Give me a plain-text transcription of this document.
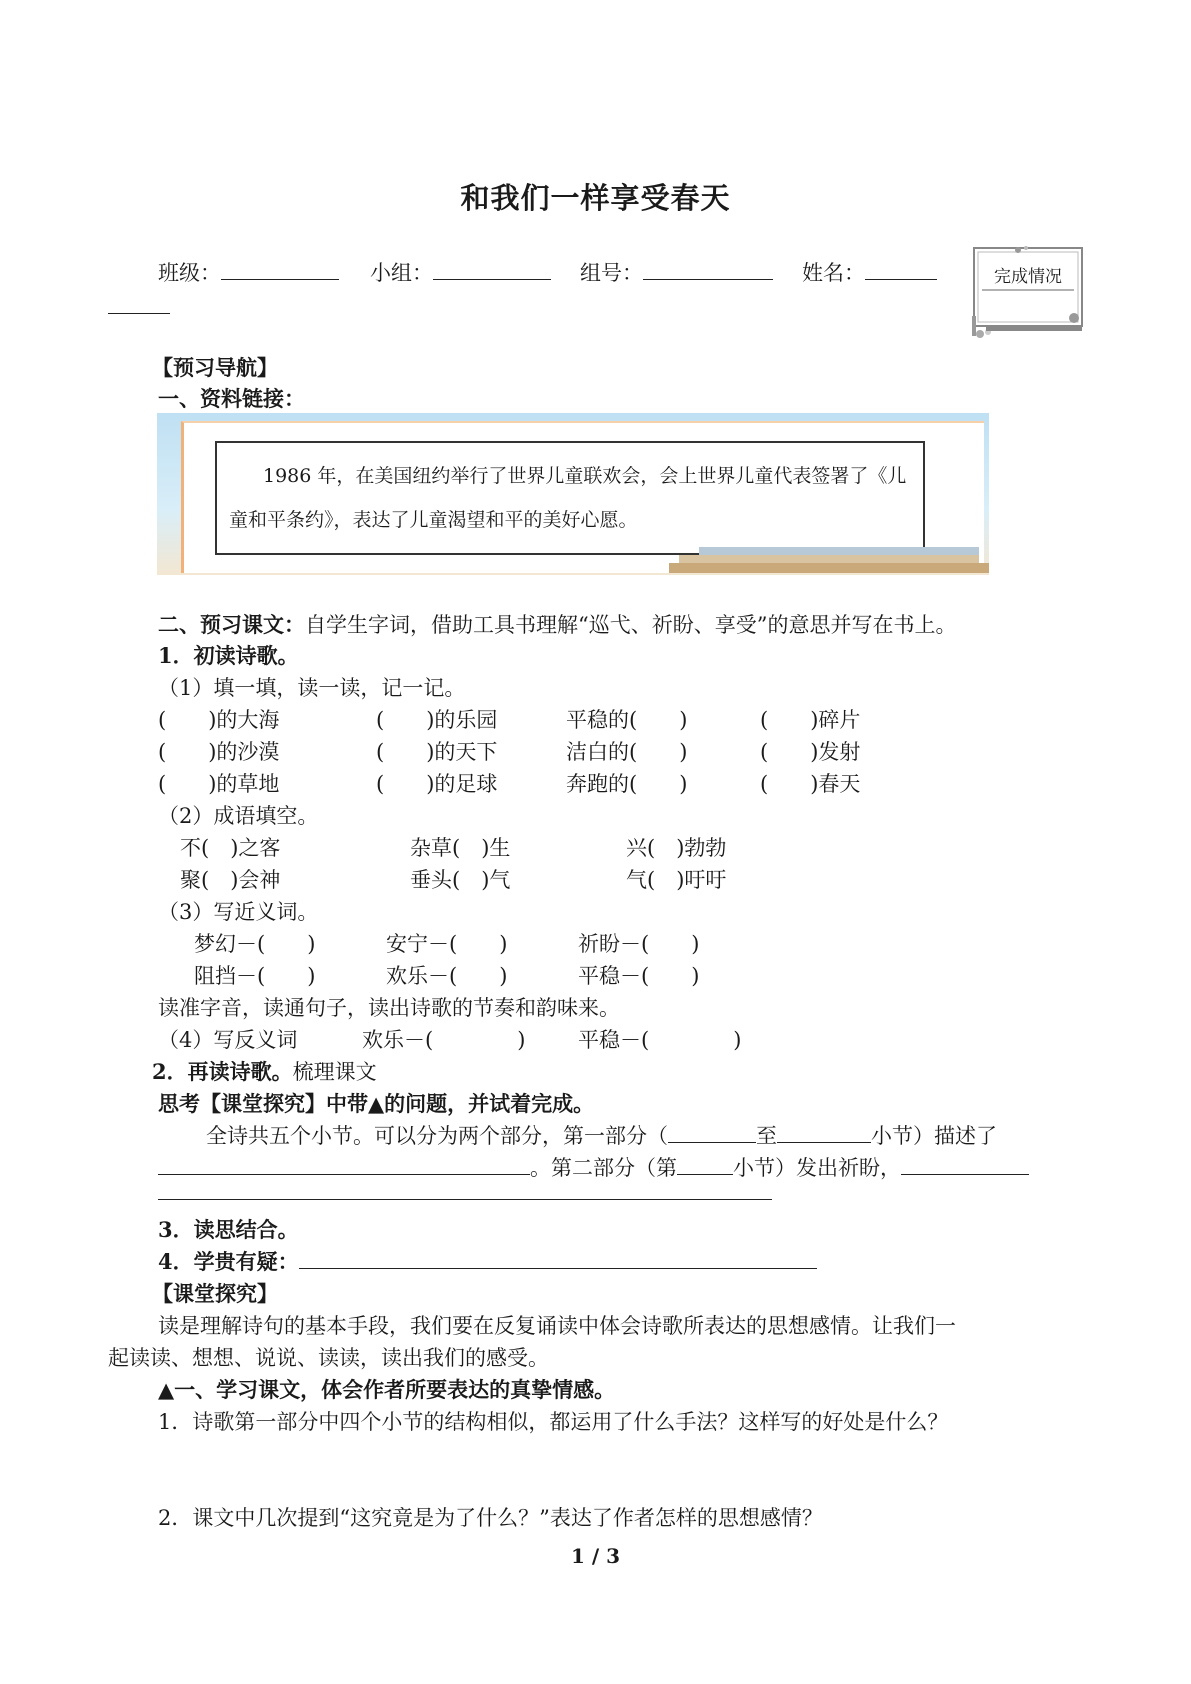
和我们一样享受春天
班级：	小组：	组号：	姓名：	完成情况
【预习导航】
一、资料链接：
1986 年，在美国纽约举行了世界儿童联欢会，会上世界儿童代表签署了《儿
童和平条约》，表达了儿童渴望和平的美好心愿。
二、预习课文：自学生字词，借助工具书理解“巡弋、祈盼、享受”的意思并写在书上。
1．初读诗歌。
（1）填一填，读一读，记一记。
(　　)的大海	(　　)的乐园	平稳的(　　)	(　　)碎片
(　　)的沙漠	(　　)的天下	洁白的(　　)	(　　)发射
(　　)的草地	(　　)的足球	奔跑的(　　)	(　　)春天
（2）成语填空。
不(　)之客	杂草(　)生	兴(　)勃勃
聚(　)会神	垂头(　)气	气(　)吁吁
（3）写近义词。
梦幻－(　　)	安宁－(　　)	祈盼－(　　)
阻挡－(　　)	欢乐－(　　)	平稳－(　　)
读准字音，读通句子，读出诗歌的节奏和韵味来。
（4）写反义词	欢乐－(　　　　)	平稳－(　　　　)
2．再读诗歌。梳理课文
思考【课堂探究】中带▲的问题，并试着完成。
全诗共五个小节。可以分为两个部分，第一部分（	至	小节）描述了
。第二部分（第	小节）发出祈盼，
3．读思结合。
4．学贵有疑：
【课堂探究】
读是理解诗句的基本手段，我们要在反复诵读中体会诗歌所表达的思想感情。让我们一
起读读、想想、说说、读读，读出我们的感受。
▲一、学习课文，体会作者所要表达的真挚情感。
1．诗歌第一部分中四个小节的结构相似，都运用了什么手法？这样写的好处是什么？
2．课文中几次提到“这究竟是为了什么？”表达了作者怎样的思想感情？
1 / 3
